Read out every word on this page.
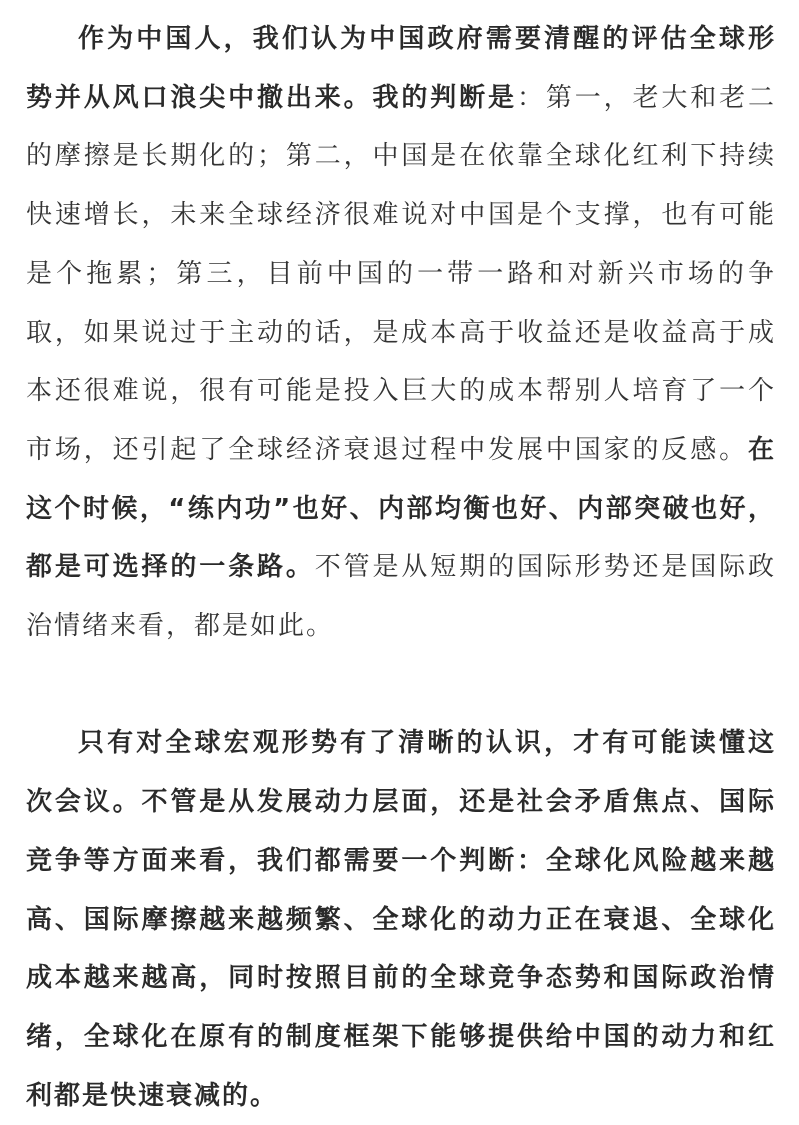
作为中国人，我们认为中国政府需要清醒的评估全球形势并从风口浪尖中撤出来。我的判断是：第一，老大和老二的摩擦是长期化的；第二，中国是在依靠全球化红利下持续快速增长，未来全球经济很难说对中国是个支撑，也有可能是个拖累；第三，目前中国的一带一路和对新兴市场的争取，如果说过于主动的话，是成本高于收益还是收益高于成本还很难说，很有可能是投入巨大的成本帮别人培育了一个市场，还引起了全球经济衰退过程中发展中国家的反感。在这个时候，“练内功”也好、内部均衡也好、内部突破也好，都是可选择的一条路。不管是从短期的国际形势还是国际政治情绪来看，都是如此。

只有对全球宏观形势有了清晰的认识，才有可能读懂这次会议。不管是从发展动力层面，还是社会矛盾焦点、国际竞争等方面来看，我们都需要一个判断：全球化风险越来越高、国际摩擦越来越频繁、全球化的动力正在衰退、全球化成本越来越高，同时按照目前的全球竞争态势和国际政治情绪，全球化在原有的制度框架下能够提供给中国的动力和红利都是快速衰减的。
